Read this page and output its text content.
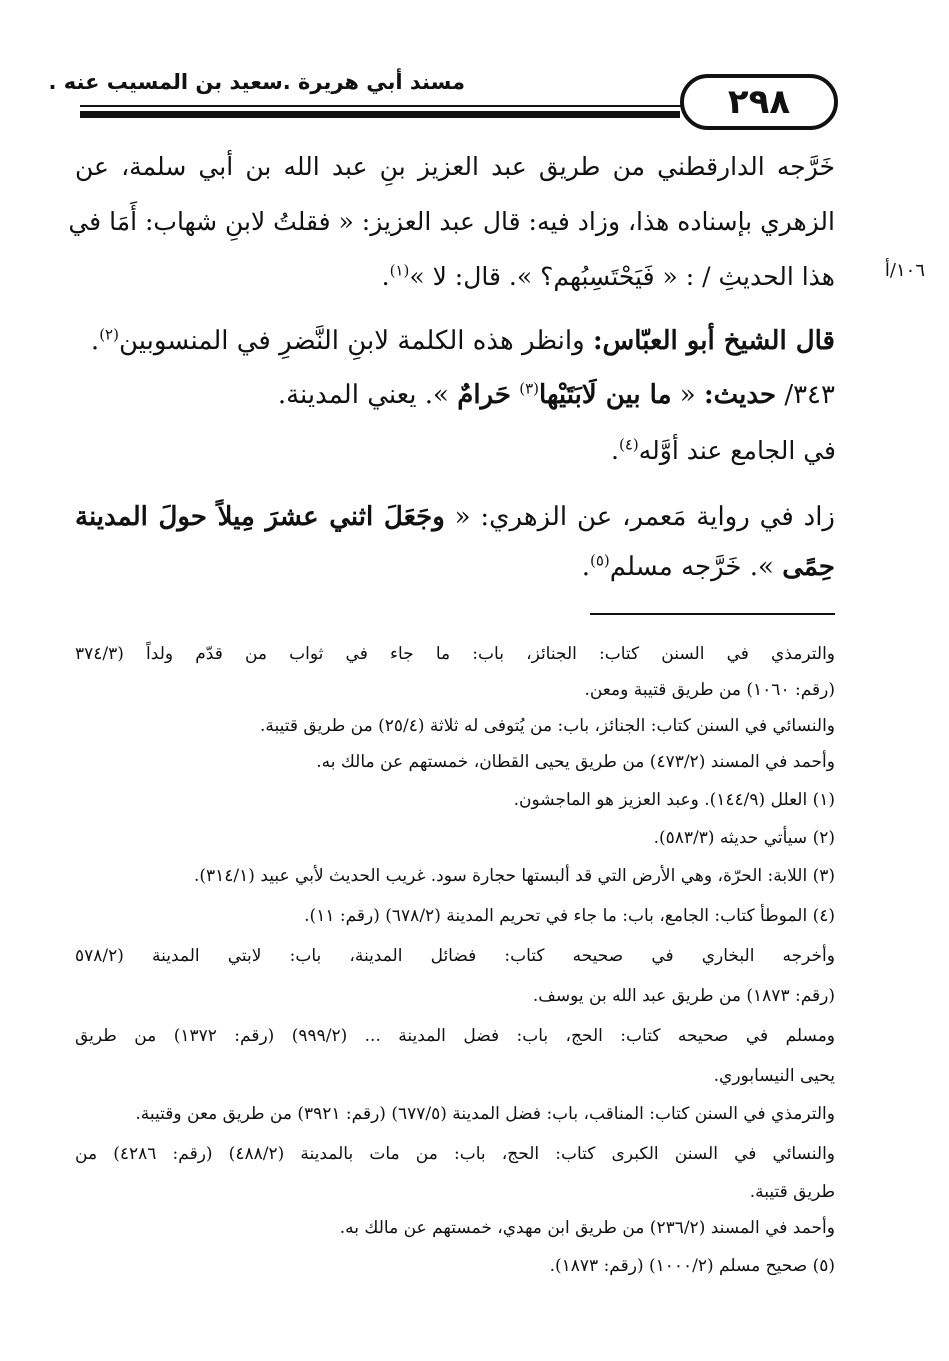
مسند أبي هريرة .سعيد بن المسيب عنه .	٢٩٨
خَرَّجه الدارقطني من طريق عبد العزيز بنِ عبد الله بن أبي سلمة، عن
الزهري بإسناده هذا، وزاد فيه: قال عبد العزيز: « فقلتُ لابنِ شهاب: أَمَا في
هذا الحديثِ / : « فَيَحْتَسِبُهم؟ ». قال: لا »$^{(١)}$.	١٠٦/أ
قال الشيخ أبو العبّاس: وانظر هذه الكلمة لابنِ النَّضرِ في المنسوبين$^{(٢)}$.
٣٤٣/ حديث: « ما بين لَابَتَيْها$^{(٣)}$ حَرامٌ ». يعني المدينة.
في الجامع عند أوَّله$^{(٤)}$.
زاد في رواية مَعمر، عن الزهري: « وجَعَلَ اثني عشرَ مِيلاً حولَ المدينة
حِمًى ». خَرَّجه مسلم$^{(٥)}$.
والترمذي في السنن كتاب: الجنائز، باب: ما جاء في ثواب من قدّم ولداً (٣٧٤/٣
(رقم: ١٠٦٠) من طريق قتيبة ومعن.
والنسائي في السنن كتاب: الجنائز، باب: من يُتوفى له ثلاثة (٢٥/٤) من طريق قتيبة.
وأحمد في المسند (٤٧٣/٢) من طريق يحيى القطان، خمستهم عن مالك به.
(١) العلل (١٤٤/٩). وعبد العزيز هو الماجشون.
(٢) سيأتي حديثه (٥٨٣/٣).
(٣) اللابة: الحرّة، وهي الأرض التي قد ألبستها حجارة سود. غريب الحديث لأبي عبيد (٣١٤/١).
(٤) الموطأ كتاب: الجامع، باب: ما جاء في تحريم المدينة (٦٧٨/٢) (رقم: ١١).
وأخرجه البخاري في صحيحه كتاب: فضائل المدينة، باب: لابتي المدينة (٥٧٨/٢
(رقم: ١٨٧٣) من طريق عبد الله بن يوسف.
ومسلم في صحيحه كتاب: الحج، باب: فضل المدينة ... (٩٩٩/٢) (رقم: ١٣٧٢) من طريق
يحيى النيسابوري.
والترمذي في السنن كتاب: المناقب، باب: فضل المدينة (٦٧٧/٥) (رقم: ٣٩٢١) من طريق معن وقتيبة.
والنسائي في السنن الكبرى كتاب: الحج، باب: من مات بالمدينة (٤٨٨/٢) (رقم: ٤٢٨٦) من
طريق قتيبة.
وأحمد في المسند (٢٣٦/٢) من طريق ابن مهدي، خمستهم عن مالك به.
(٥) صحيح مسلم (١٠٠٠/٢) (رقم: ١٨٧٣).
